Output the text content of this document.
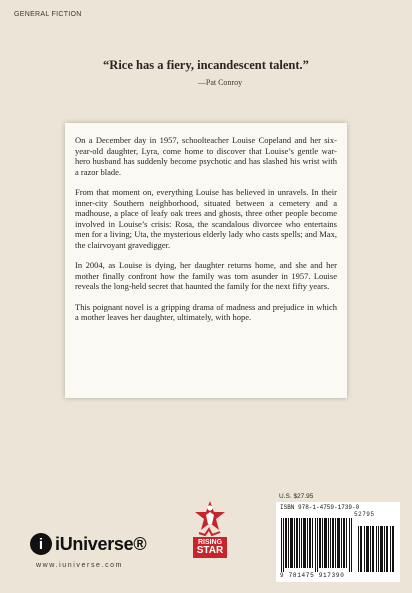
GENERAL FICTION
“Rice has a fiery, incandescent talent.”
—Pat Conroy

On a December day in 1957, schoolteacher Louise Copeland and her six-year-old daughter, Lyra, come home to discover that Louise’s gentle war-hero husband has suddenly become psychotic and has slashed his wrist with a razor blade.

From that moment on, everything Louise has believed in unravels. In their inner-city Southern neighborhood, situated between a cemetery and a madhouse, a place of leafy oak trees and ghosts, three other people become involved in Louise’s crisis: Rosa, the scandalous divorcee who entertains men for a living; Uta, the mysterious elderly lady who casts spells; and Max, the clairvoyant gravedigger.

In 2004, as Louise is dying, her daughter returns home, and she and her mother finally confront how the family was torn asunder in 1957. Louise reveals the long-held secret that haunted the family for the next fifty years.

This poignant novel is a gripping drama of madness and prejudice in which a mother leaves her daughter, ultimately, with hope.

i iUniverse®
www.iuniverse.com
RISING
STAR
U.S. $27.95
ISBN 978-1-4759-1739-0
52795
9 781475 917390
